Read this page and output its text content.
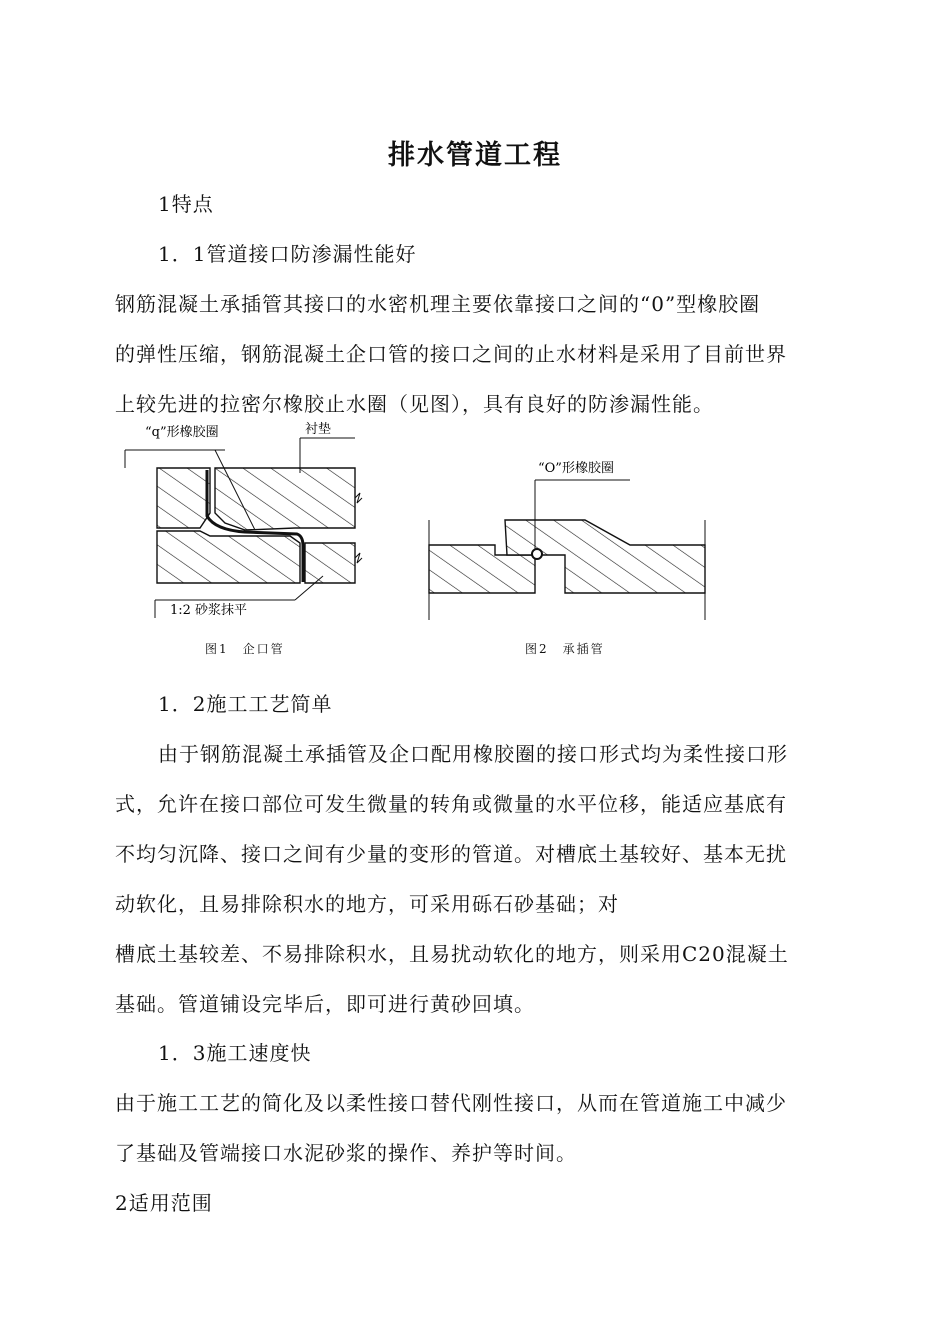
排水管道工程
1特点
1．1管道接口防渗漏性能好
钢筋混凝土承插管其接口的水密机理主要依靠接口之间的“0”型橡胶圈
的弹性压缩，钢筋混凝土企口管的接口之间的止水材料是采用了目前世界
上较先进的拉密尔橡胶止水圈（见图），具有良好的防渗漏性能。
“q”形橡胶圈	衬垫
1:2 砂浆抹平
图1　企口管
“O”形橡胶圈
图2　承插管
1．2施工工艺简单
由于钢筋混凝土承插管及企口配用橡胶圈的接口形式均为柔性接口形
式，允许在接口部位可发生微量的转角或微量的水平位移，能适应基底有
不均匀沉降、接口之间有少量的变形的管道。对槽底土基较好、基本无扰
动软化，且易排除积水的地方，可采用砾石砂基础；对
槽底土基较差、不易排除积水，且易扰动软化的地方，则采用C20混凝土
基础。管道铺设完毕后，即可进行黄砂回填。
1．3施工速度快
由于施工工艺的简化及以柔性接口替代刚性接口，从而在管道施工中减少
了基础及管端接口水泥砂浆的操作、养护等时间。
2适用范围
